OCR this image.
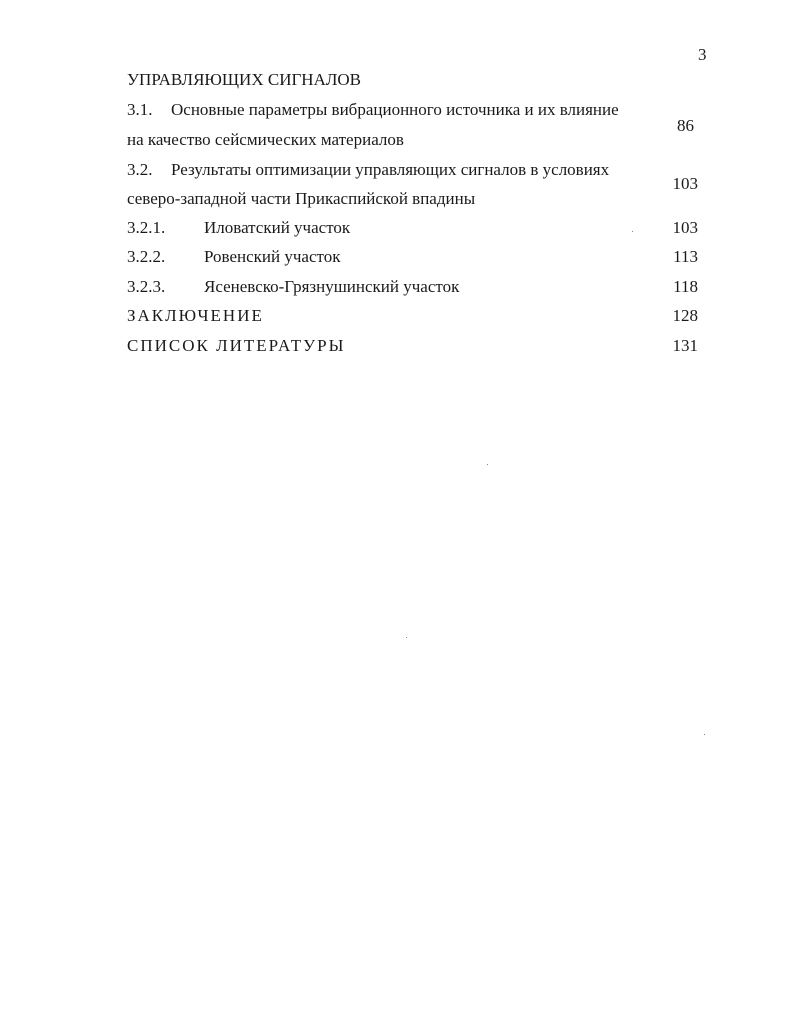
3
УПРАВЛЯЮЩИХ СИГНАЛОВ
3.1. Основные параметры вибрационного источника и их влияние
на качество сейсмических материалов
86
3.2. Результаты оптимизации управляющих сигналов в условиях
северо-западной части Прикаспийской впадины
103
3.2.1. Иловатский участок	103
3.2.2. Ровенский участок	113
3.2.3. Ясеневско-Грязнушинский участок	118
ЗАКЛЮЧЕНИЕ	128
СПИСОК ЛИТЕРАТУРЫ	131
